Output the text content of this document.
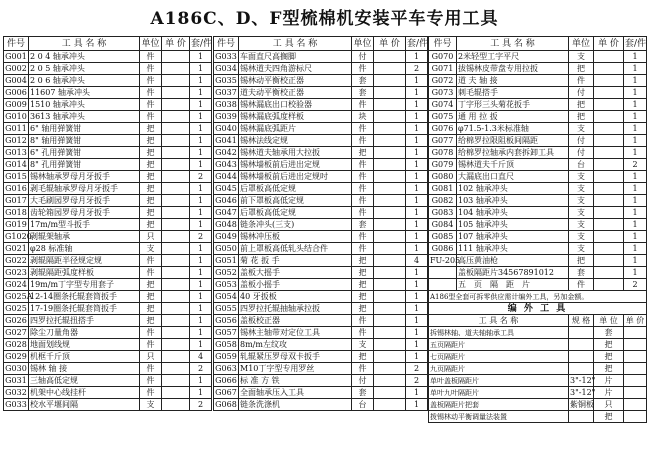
A186C、D、F型梳棉机安装平车专用工具
件号	工 具 名 称	单位	单 价	套/件
G001	2 0 4 轴承冲头	件		1
G002	2 0 5 轴承冲头	件		1
G004	2 0 6 轴承冲头	件		1
G006	11607 轴承冲头	件		1
G009	1510 轴承冲头	件		1
G010	3613 轴承冲头	件		1
G011	6" 轴用弹簧钳	把		1
G012	8" 轴用弹簧钳	把		1
G013	6" 孔用弹簧钳	把		1
G014	8" 孔用弹簧钳	把		1
G015	锡林轴承罗母月牙扳手	把		2
G016	剥毛辊轴承罗母月牙扳手	把		1
G017	大毛刷园罗母月牙扳手	把		1
G018	齿轮箱园罗母月牙扳手	把		1
G019	17m/m型斗扳手	把		1
G1020	剥辊架轴承	只		2
G021	φ28 标准轴	支		1
G022	剥辊隔距半径规定规	件		1
G023	剥辊隔距弧度样板	件		1
G024	19m/m丁字型专用套子	把		1
G025A	12-14圈条托辊套筒扳手	把		1
G025	17-19圈条托辊套筒扳手	把		1
G026	四罗拉托辊扭搭手	把		1
G027	除尘刀量角器	件		1
G028	地面划线规	件		1
G029	机框千斤顶	只		4
G030	锡林 轴 接	件		2
G031	三轴高低定规	件		1
G032	机架中心线挂杆	件		1
G033	校水平堰间隔	支		2
件号	工 具 名 称	单位	单 价	套/件
G033	车面直尺高搁脚	付		1
G034	锡林道夫四角游标尺	件		2
G035	锡林动平衡校正器	套		1
G037	道夫动平衡校正器	套		1
G038	锡林漏底出口校验器	件		1
G039	锡林漏底弧度样板	块		1
G040	锡林漏底弧距片	件		1
G041	锡林法线定规	件		1
G042	锡林道夫轴承用大拉扳	把		1
G043	锡林墙板前后进出定规	件		1
G044	锡林墙板前后进出定规吋	件		1
G045	后罩板高低定规	件		1
G046	前下罩板高低定规	件		1
G047	后罩板高低定规	件		1
G048	链条冲头(三支)	套		1
G049	锡林冲压板	件		1
G050	前上罩板高低轧头结合件	件		1
G051	菊 花 扳 手	把		4
G052	盖板大摇手	把		1
G053	盖板小摇手	把		1
G054	40 牙扳板	把		1
G055	四罗拉托辊抽轴承拉扳	把		1
G056	盖板校正器	件		1
G057	锡林主轴带对定位工具	件		1
G058	8m/m左纹攻	支		1
G059	轧辊紧压罗母双卡扳手	把		1
G063	M10丁字型专用罗丝	件		2
G066	标 准 方 铁	付		2
G067	全面轴承压入工具	套		1
G068	链条洗涤机	台		1
件号	工 具 名 称	单位	单 价	套/件
G070	2米轻型工字平尺	支		1
G071	拔锡林皮带盘专用拉扳	把		1
G072	道 夫 轴 接	件		1
G073	刺毛辊搭手	付		1
G074	丁字形三头菊花扳手	把		1
G075	通 用 拉 扳	把		1
G076	φ71.5-1.3米标准轴	支		1
G077	给棉罗拉限阻板间隔距	付		1
G078	给棉罗拉轴承内套拆卸工具	付		1
G079	锡林道夫千斤顶	台		2
G080	大漏底出口直尺	支		1
G081	102 轴承冲头	支		1
G082	103 轴承冲头	支		1
G083	104 轴承冲头	支		1
G084	105 轴承冲头	支		1
G085	107 轴承冲头	支		1
G086	111 轴承冲头	支		1
FU-205	高压黄油枪	把		1
	盖板隔距片34567891012	套		1
	五　页　隔　距　片	件		2
A186型全套可拆零供应需计编外工具，另加金额。				
编 外 工 具				
工 具 名 称		规 格	单 位	单 价
拆锡林轴、道夫轴轴承工具			套	
五页隔距片			把	
七页隔距片			把	
九页隔距片			把	
单叶盖板隔距片		3"-12"	片	
单叶九叶隔距片		3"-12"	片	
盖板隔距片把套		紫铜板	只	
拨锡林动平衡调量法装置			把	
